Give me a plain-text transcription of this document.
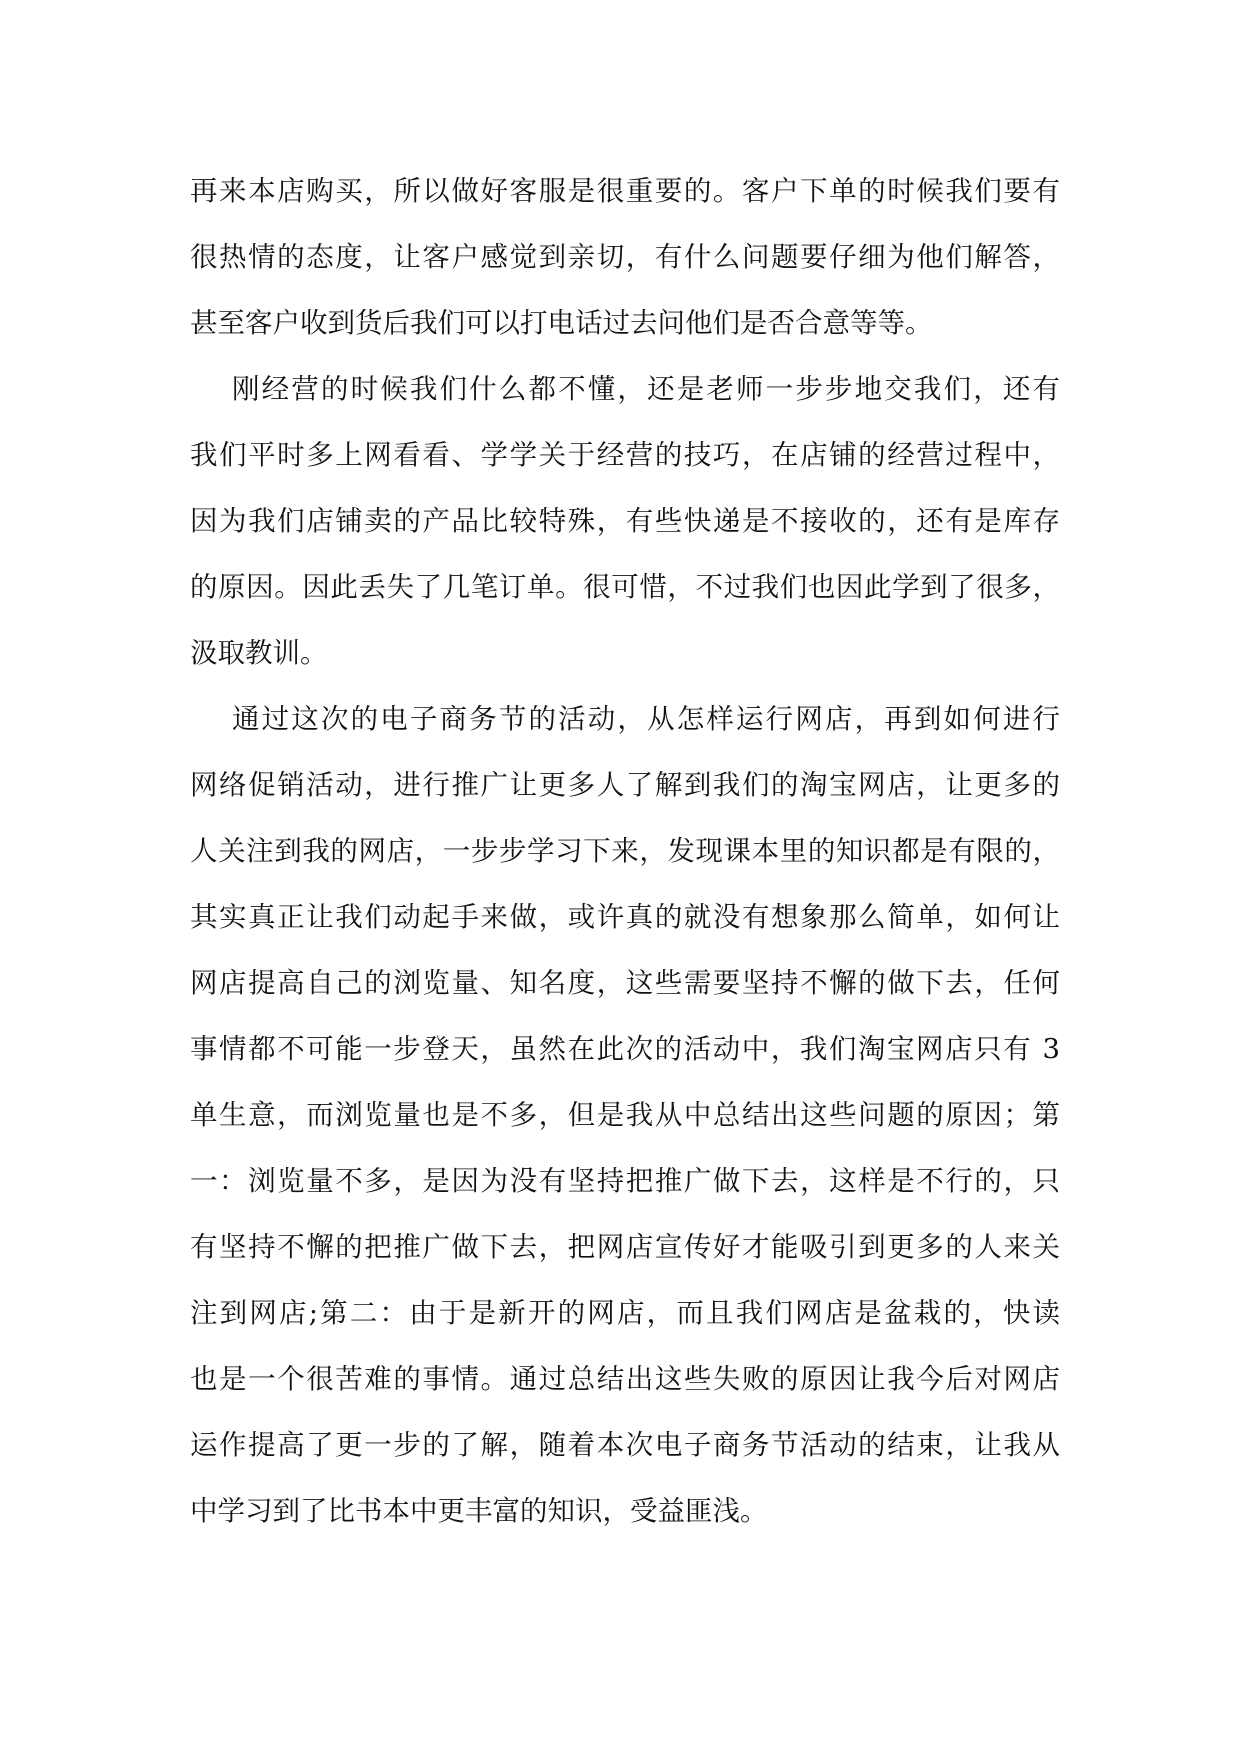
再来本店购买，所以做好客服是很重要的。客户下单的时候我们要有
很热情的态度，让客户感觉到亲切，有什么问题要仔细为他们解答，
甚至客户收到货后我们可以打电话过去问他们是否合意等等。
刚经营的时候我们什么都不懂，还是老师一步步地交我们，还有
我们平时多上网看看、学学关于经营的技巧，在店铺的经营过程中，
因为我们店铺卖的产品比较特殊，有些快递是不接收的，还有是库存
的原因。因此丢失了几笔订单。很可惜，不过我们也因此学到了很多，
汲取教训。
通过这次的电子商务节的活动，从怎样运行网店，再到如何进行
网络促销活动，进行推广让更多人了解到我们的淘宝网店，让更多的
人关注到我的网店，一步步学习下来，发现课本里的知识都是有限的，
其实真正让我们动起手来做，或许真的就没有想象那么简单，如何让
网店提高自己的浏览量、知名度，这些需要坚持不懈的做下去，任何
事情都不可能一步登天，虽然在此次的活动中，我们淘宝网店只有 3
单生意，而浏览量也是不多，但是我从中总结出这些问题的原因；第
一：浏览量不多，是因为没有坚持把推广做下去，这样是不行的，只
有坚持不懈的把推广做下去，把网店宣传好才能吸引到更多的人来关
注到网店;第二：由于是新开的网店，而且我们网店是盆栽的，快读
也是一个很苦难的事情。通过总结出这些失败的原因让我今后对网店
运作提高了更一步的了解，随着本次电子商务节活动的结束，让我从
中学习到了比书本中更丰富的知识，受益匪浅。
